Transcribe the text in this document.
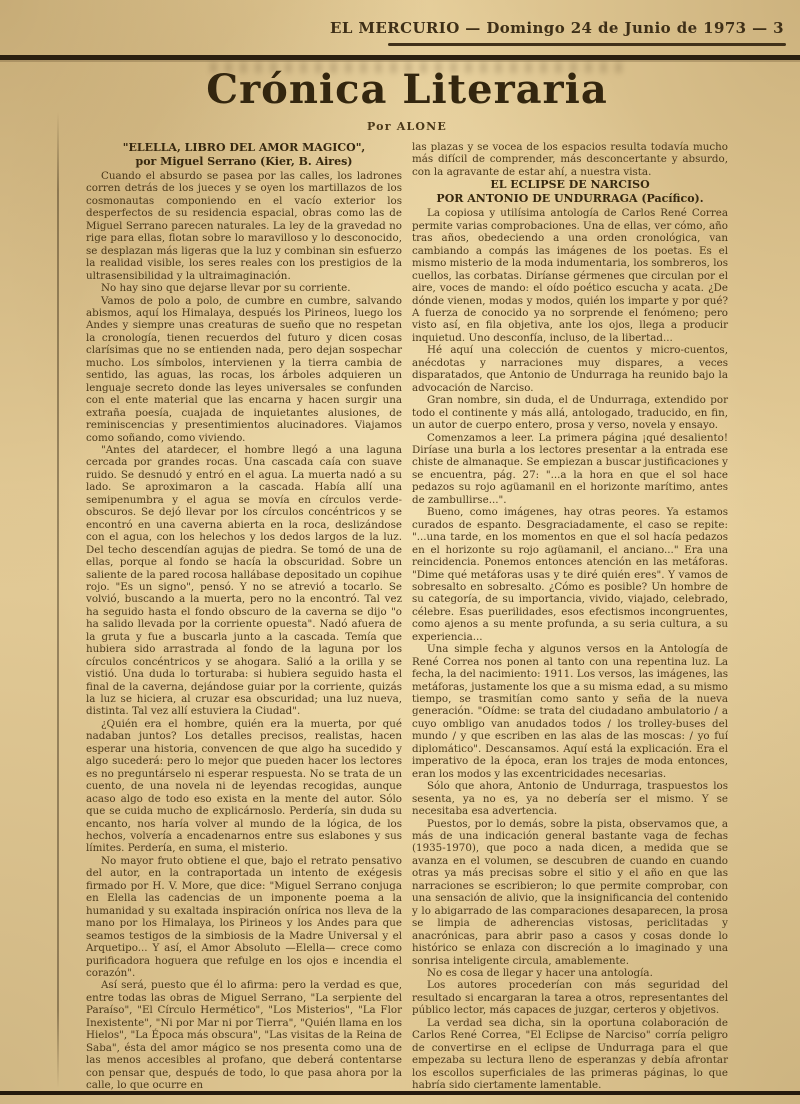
EL MERCURIO — Domingo 24 de Junio de 1973 — 3
Crónica Literaria
Por ALONE
"ELELLA, LIBRO DEL AMOR MAGICO",
por Miguel Serrano (Kier, B. Aires)

Cuando el absurdo se pasea por las calles, los ladrones corren detrás de los jueces y se oyen los martillazos de los cosmonautas componiendo en el vacío exterior los desperfectos de su residencia espacial, obras como las de Miguel Serrano parecen naturales. La ley de la gravedad no rige para ellas, flotan sobre lo maravilloso y lo desconocido, se desplazan más ligeras que la luz y combinan sin esfuerzo la realidad visible, los seres reales con los prestigios de la ultrasensibilidad y la ultraimaginación.

No hay sino que dejarse llevar por su corriente.

Vamos de polo a polo, de cumbre en cumbre, salvando abismos, aquí los Himalaya, después los Pirineos, luego los Andes y siempre unas creaturas de sueño que no respetan la cronología, tienen recuerdos del futuro y dicen cosas clarísimas que no se entienden nada, pero dejan sospechar mucho. Los símbolos, intervienen y la tierra cambia de sentido, las aguas, las rocas, los árboles adquieren un lenguaje secreto donde las leyes universales se confunden con el ente material que las encarna y hacen surgir una extraña poesía, cuajada de inquietantes alusiones, de reminiscencias y presentimientos alucinadores. Viajamos como soñando, como viviendo.

"Antes del atardecer, el hombre llegó a una laguna cercada por grandes rocas. Una cascada caía con suave ruido. Se desnudó y entró en el agua. La muerta nadó a su lado. Se aproximaron a la cascada. Había allí una semipenumbra y el agua se movía en círculos verde-obscuros. Se dejó llevar por los círculos concéntricos y se encontró en una caverna abierta en la roca, deslizándose con el agua, con los helechos y los dedos largos de la luz. Del techo descendían agujas de piedra. Se tomó de una de ellas, porque al fondo se hacía la obscuridad. Sobre un saliente de la pared rocosa hallábase depositado un copihue rojo. "Es un signo", pensó. Y no se atrevió a tocarlo. Se volvió, buscando a la muerta, pero no la encontró. Tal vez ha seguido hasta el fondo obscuro de la caverna se dijo "o ha salido llevada por la corriente opuesta". Nadó afuera de la gruta y fue a buscarla junto a la cascada. Temía que hubiera sido arrastrada al fondo de la laguna por los círculos concéntricos y se ahogara. Salió a la orilla y se vistió. Una duda lo torturaba: si hubiera seguido hasta el final de la caverna, dejándose guiar por la corriente, quizás la luz se hiciera, al cruzar esa obscuridad; una luz nueva, distinta. Tal vez allí estuviera la Ciudad".

¿Quién era el hombre, quién era la muerta, por qué nadaban juntos? Los detalles precisos, realistas, hacen esperar una historia, convencen de que algo ha sucedido y algo sucederá: pero lo mejor que pueden hacer los lectores es no preguntárselo ni esperar respuesta. No se trata de un cuento, de una novela ni de leyendas recogidas, aunque acaso algo de todo eso exista en la mente del autor. Sólo que se cuida mucho de explicárnoslo. Perdería, sin duda su encanto, nos haría volver al mundo de la lógica, de los hechos, volvería a encadenarnos entre sus eslabones y sus límites. Perdería, en suma, el misterio.

No mayor fruto obtiene el que, bajo el retrato pensativo del autor, en la contraportada un intento de exégesis firmado por H. V. More, que dice: "Miguel Serrano conjuga en Elella las cadencias de un imponente poema a la humanidad y su exaltada inspiración onírica nos lleva de la mano por los Himalaya, los Pirineos y los Andes para que seamos testigos de la simbiosis de la Madre Universal y el Arquetipo... Y así, el Amor Absoluto —Elella— crece como purificadora hoguera que refulge en los ojos e incendia el corazón".

Así será, puesto que él lo afirma: pero la verdad es que, entre todas las obras de Miguel Serrano, "La serpiente del Paraíso", "El Círculo Hermético", "Los Misterios", "La Flor Inexistente", "Ni por Mar ni por Tierra", "Quién llama en los Hielos", "La Época más obscura", "Las visitas de la Reina de Saba", ésta del amor mágico se nos presenta como una de las menos accesibles al profano, que deberá contentarse con pensar que, después de todo, lo que pasa ahora por la calle, lo que ocurre en

las plazas y se vocea de los espacios resulta todavía mucho más difícil de comprender, más desconcertante y absurdo, con la agravante de estar ahí, a nuestra vista.

EL ECLIPSE DE NARCISO
POR ANTONIO DE UNDURRAGA (Pacífico).

La copiosa y utilísima antología de Carlos René Correa permite varias comprobaciones. Una de ellas, ver cómo, año tras años, obedeciendo a una orden cronológica, van cambiando a compás las imágenes de los poetas. Es el mismo misterio de la moda indumentaria, los sombreros, los cuellos, las corbatas. Diríanse gérmenes que circulan por el aire, voces de mando: el oído poético escucha y acata. ¿De dónde vienen, modas y modos, quién los imparte y por qué? A fuerza de conocido ya no sorprende el fenómeno; pero visto así, en fila objetiva, ante los ojos, llega a producir inquietud. Uno desconfía, incluso, de la libertad...

Hé aquí una colección de cuentos y micro-cuentos, anécdotas y narraciones muy dispares, a veces disparatados, que Antonio de Undurraga ha reunido bajo la advocación de Narciso.

Gran nombre, sin duda, el de Undurraga, extendido por todo el continente y más allá, antologado, traducido, en fin, un autor de cuerpo entero, prosa y verso, novela y ensayo.

Comenzamos a leer. La primera página ¡qué desaliento! Diríase una burla a los lectores presentar a la entrada ese chiste de almanaque. Se empiezan a buscar justificaciones y se encuentra, pág. 27: "...a la hora en que el sol hace pedazos su rojo agüamanil en el horizonte marítimo, antes de zambullirse...".

Bueno, como imágenes, hay otras peores. Ya estamos curados de espanto. Desgraciadamente, el caso se repite: "...una tarde, en los momentos en que el sol hacía pedazos en el horizonte su rojo agüamanil, el anciano..." Era una reincidencia. Ponemos entonces atención en las metáforas. "Dime qué metáforas usas y te diré quién eres". Y vamos de sobresalto en sobresalto. ¿Cómo es posible? Un hombre de su categoría, de su importancia, vivido, viajado, celebrado, célebre. Esas puerilidades, esos efectismos incongruentes, como ajenos a su mente profunda, a su seria cultura, a su experiencia...

Una simple fecha y algunos versos en la Antología de René Correa nos ponen al tanto con una repentina luz. La fecha, la del nacimiento: 1911. Los versos, las imágenes, las metáforas, justamente los que a su misma edad, a su mismo tiempo, se trasmitían como santo y seña de la nueva generación. "Oídme: se trata del ciudadano ambulatorio / a cuyo ombligo van anudados todos / los trolley-buses del mundo / y que escriben en las alas de las moscas: / yo fuí diplomático". Descansamos. Aquí está la explicación. Era el imperativo de la época, eran los trajes de moda entonces, eran los modos y las excentricidades necesarias.

Sólo que ahora, Antonio de Undurraga, traspuestos los sesenta, ya no es, ya no debería ser el mismo. Y se necesitaba esa advertencia.

Puestos, por lo demás, sobre la pista, observamos que, a más de una indicación general bastante vaga de fechas (1935-1970), que poco a nada dicen, a medida que se avanza en el volumen, se descubren de cuando en cuando otras ya más precisas sobre el sitio y el año en que las narraciones se escribieron; lo que permite comprobar, con una sensación de alivio, que la insignificancia del contenido y lo abigarrado de las comparaciones desaparecen, la prosa se limpia de adherencias vistosas, periclitadas y anacrónicas, para abrir paso a casos y cosas donde lo histórico se enlaza con discreción a lo imaginado y una sonrisa inteligente circula, amablemente.

No es cosa de llegar y hacer una antología.

Los autores procederían con más seguridad del resultado si encargaran la tarea a otros, representantes del público lector, más capaces de juzgar, certeros y objetivos.

La verdad sea dicha, sin la oportuna colaboración de Carlos René Correa, "El Eclipse de Narciso" corría peligro de convertirse en el eclipse de Undurraga para el que empezaba su lectura lleno de esperanzas y debía afrontar los escollos superficiales de las primeras páginas, lo que habría sido ciertamente lamentable.
